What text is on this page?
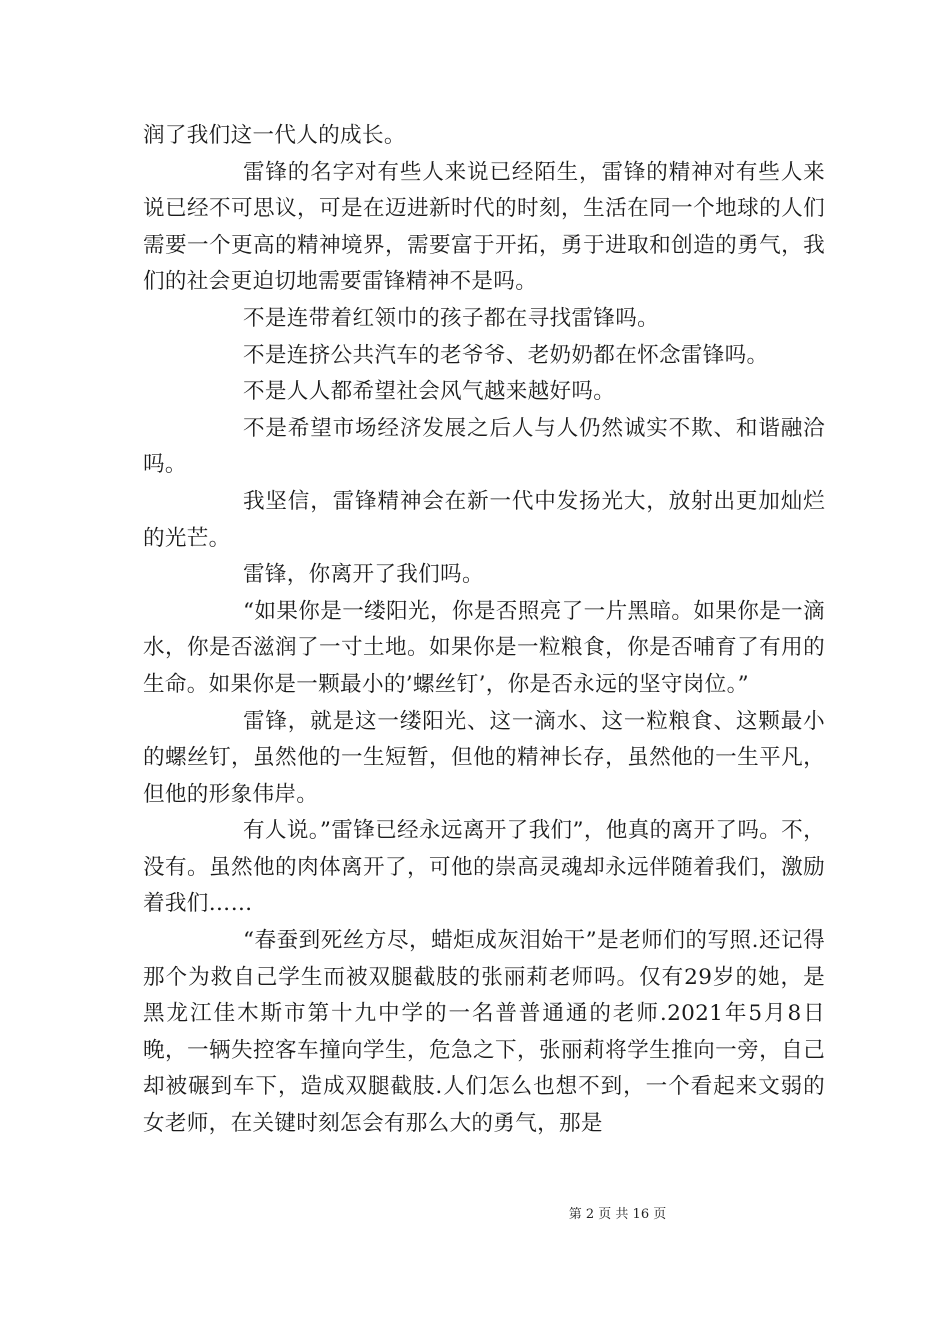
润了我们这一代人的成长。

雷锋的名字对有些人来说已经陌生，雷锋的精神对有些人来说已经不可思议，可是在迈进新时代的时刻，生活在同一个地球的人们需要一个更高的精神境界，需要富于开拓，勇于进取和创造的勇气，我们的社会更迫切地需要雷锋精神不是吗。

不是连带着红领巾的孩子都在寻找雷锋吗。

不是连挤公共汽车的老爷爷、老奶奶都在怀念雷锋吗。

不是人人都希望社会风气越来越好吗。

不是希望市场经济发展之后人与人仍然诚实不欺、和谐融洽吗。

我坚信，雷锋精神会在新一代中发扬光大，放射出更加灿烂的光芒。

雷锋，你离开了我们吗。

“如果你是一缕阳光，你是否照亮了一片黑暗。如果你是一滴水，你是否滋润了一寸土地。如果你是一粒粮食，你是否哺育了有用的生命。如果你是一颗最小的’螺丝钉’，你是否永远的坚守岗位。”

雷锋，就是这一缕阳光、这一滴水、这一粒粮食、这颗最小的螺丝钉，虽然他的一生短暂，但他的精神长存，虽然他的一生平凡，但他的形象伟岸。

有人说。”雷锋已经永远离开了我们”，他真的离开了吗。不，没有。虽然他的肉体离开了，可他的崇高灵魂却永远伴随着我们，激励着我们……

“春蚕到死丝方尽，蜡炬成灰泪始干”是老师们的写照.还记得那个为救自己学生而被双腿截肢的张丽莉老师吗。仅有29岁的她，是黑龙江佳木斯市第十九中学的一名普普通通的老师.2021年5月8日晚，一辆失控客车撞向学生，危急之下，张丽莉将学生推向一旁，自己却被碾到车下，造成双腿截肢.人们怎么也想不到，一个看起来文弱的女老师，在关键时刻怎会有那么大的勇气，那是

第 2 页 共 16 页
